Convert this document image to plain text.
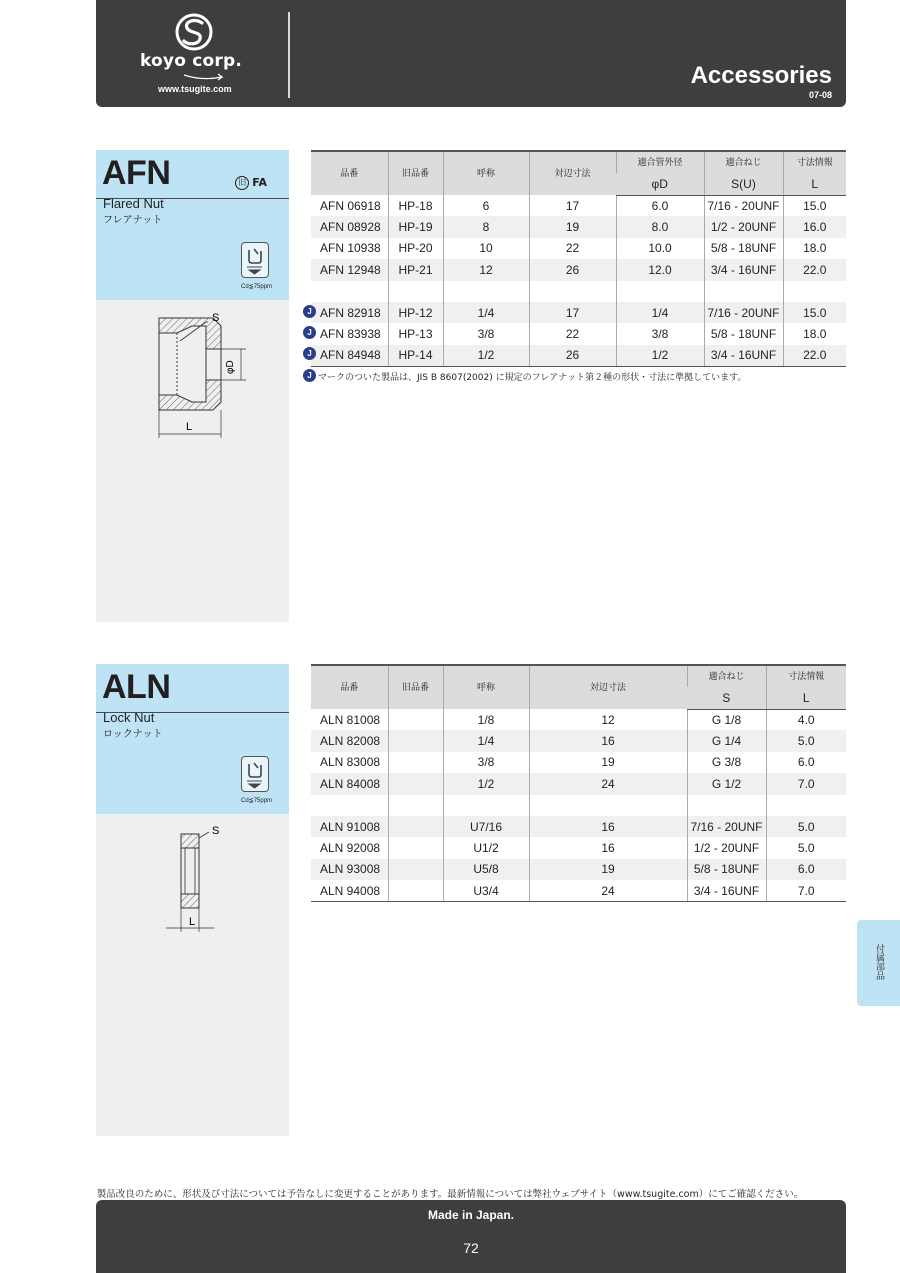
koyo corp.
www.tsugite.com	Accessories
07-08
AFN	旧 FA
Flared Nut
フレアナット
Cd≦75ppm
S
φD
L
品番	旧品番	呼称	対辺寸法	適合管外径	適合ねじ	寸法情報
				φD	S(U)	L
AFN 06918	HP-18	6	17	6.0	7/16 - 20UNF	15.0
AFN 08928	HP-19	8	19	8.0	1/2 - 20UNF	16.0
AFN 10938	HP-20	10	22	10.0	5/8 - 18UNF	18.0
AFN 12948	HP-21	12	26	12.0	3/4 - 16UNF	22.0

AFN 82918	HP-12	1/4	17	1/4	7/16 - 20UNF	15.0
AFN 83938	HP-13	3/8	22	3/8	5/8 - 18UNF	18.0
AFN 84948	HP-14	1/2	26	1/2	3/4 - 16UNF	22.0
J
J
J
J マークのついた製品は、JIS B 8607(2002) に規定のフレアナット第２種の形状・寸法に準拠しています。
ALN
Lock Nut
ロックナット
Cd≦75ppm
S
L
品番	旧品番	呼称	対辺寸法	適合ねじ	寸法情報
				S	L
ALN 81008		1/8	12	G 1/8	4.0
ALN 82008		1/4	16	G 1/4	5.0
ALN 83008		3/8	19	G 3/8	6.0
ALN 84008		1/2	24	G 1/2	7.0

ALN 91008		U7/16	16	7/16 - 20UNF	5.0
ALN 92008		U1/2	16	1/2 - 20UNF	5.0
ALN 93008		U5/8	19	5/8 - 18UNF	6.0
ALN 94008		U3/4	24	3/4 - 16UNF	7.0
付属部品
製品改良のために、形状及び寸法については予告なしに変更することがあります。最新情報については弊社ウェブサイト（www.tsugite.com）にてご確認ください。
Made in Japan.
72
